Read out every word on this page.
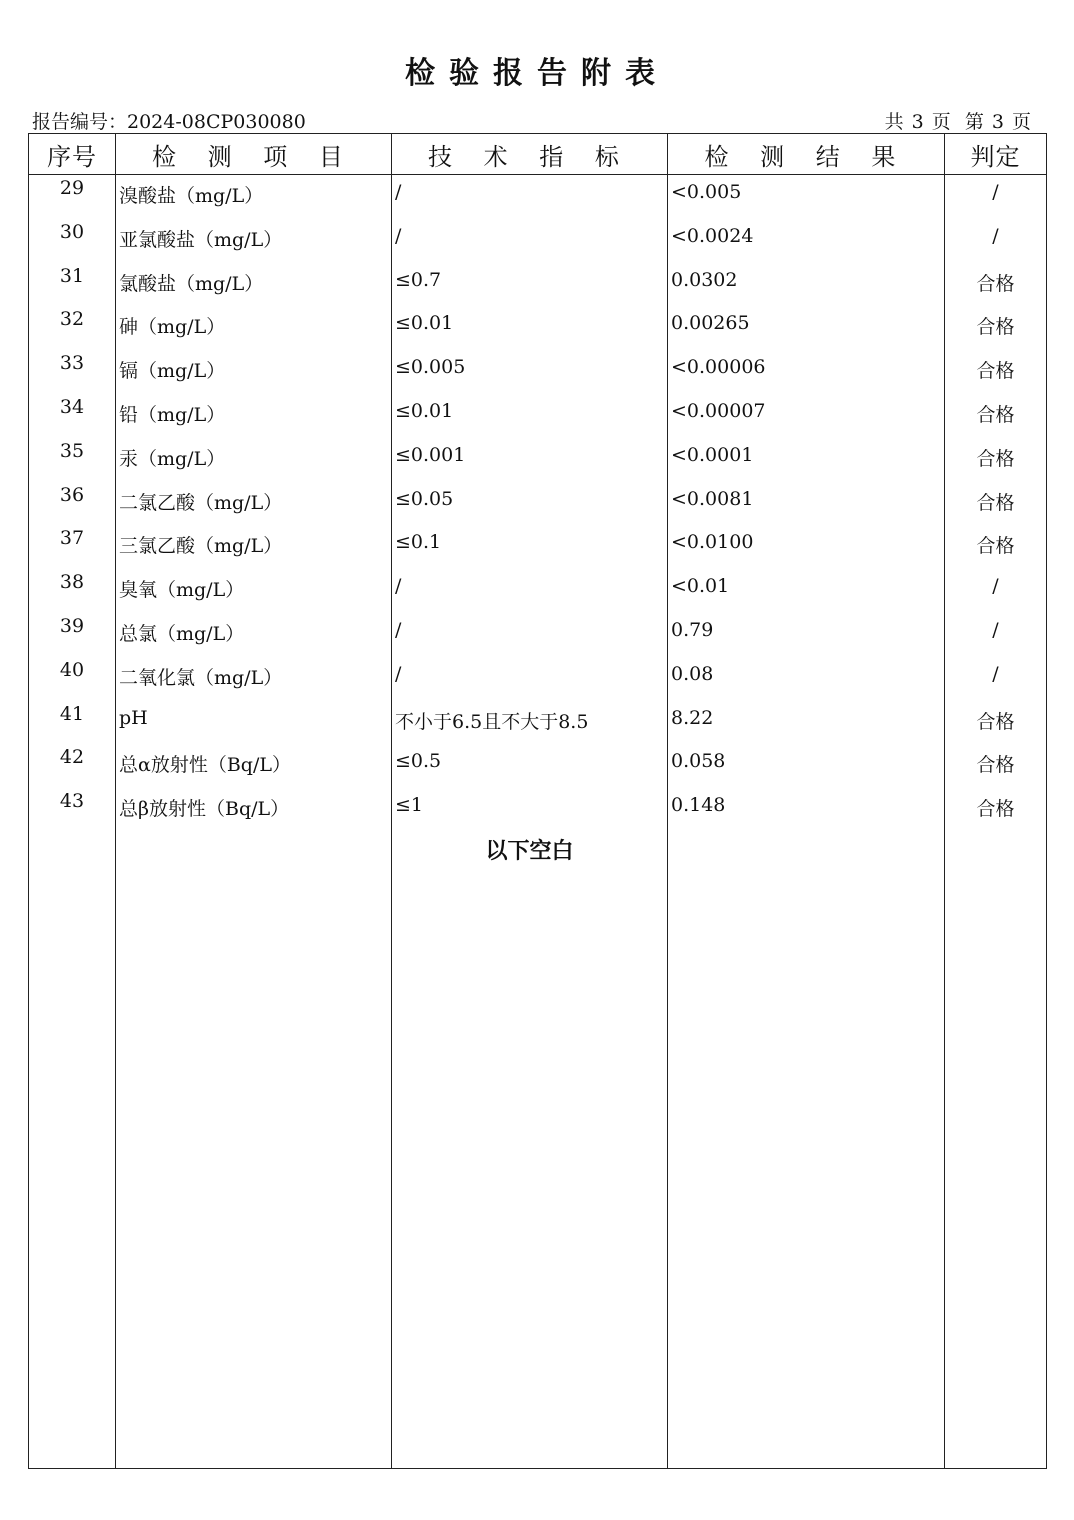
检验报告附表
报告编号：2024-08CP030080	共 3 页 第 3 页
序号	检 测 项 目	技 术 指 标	检 测 结 果	判定
29	溴酸盐（mg/L）	/	<0.005	/
30	亚氯酸盐（mg/L）	/	<0.0024	/
31	氯酸盐（mg/L）	≤0.7	0.0302	合格
32	砷（mg/L）	≤0.01	0.00265	合格
33	镉（mg/L）	≤0.005	<0.00006	合格
34	铅（mg/L）	≤0.01	<0.00007	合格
35	汞（mg/L）	≤0.001	<0.0001	合格
36	二氯乙酸（mg/L）	≤0.05	<0.0081	合格
37	三氯乙酸（mg/L）	≤0.1	<0.0100	合格
38	臭氧（mg/L）	/	<0.01	/
39	总氯（mg/L）	/	0.79	/
40	二氧化氯（mg/L）	/	0.08	/
41	pH	不小于6.5且不大于8.5	8.22	合格
42	总α放射性（Bq/L）	≤0.5	0.058	合格
43	总β放射性（Bq/L）	≤1	0.148	合格

		以下空白		
